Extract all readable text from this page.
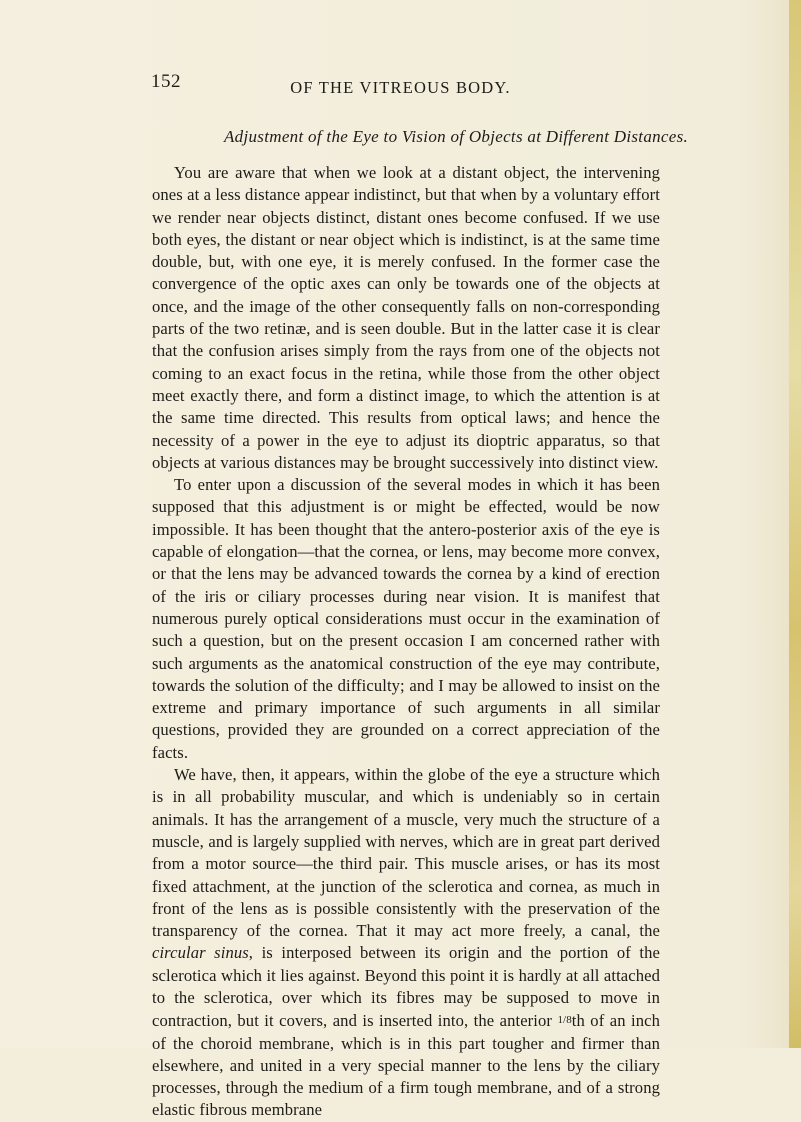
152	OF THE VITREOUS BODY.
Adjustment of the Eye to Vision of Objects at Different Distances.

You are aware that when we look at a distant object, the intervening ones at a less distance appear indistinct, but that when by a voluntary effort we render near objects distinct, distant ones become confused. If we use both eyes, the distant or near object which is indistinct, is at the same time double, but, with one eye, it is merely confused. In the former case the convergence of the optic axes can only be towards one of the objects at once, and the image of the other consequently falls on non-corresponding parts of the two retinæ, and is seen double. But in the latter case it is clear that the confusion arises simply from the rays from one of the objects not coming to an exact focus in the retina, while those from the other object meet exactly there, and form a distinct image, to which the attention is at the same time directed. This results from optical laws; and hence the necessity of a power in the eye to adjust its dioptric apparatus, so that objects at various distances may be brought successively into distinct view.

To enter upon a discussion of the several modes in which it has been supposed that this adjustment is or might be effected, would be now impossible. It has been thought that the antero-posterior axis of the eye is capable of elongation—that the cornea, or lens, may become more convex, or that the lens may be advanced towards the cornea by a kind of erection of the iris or ciliary processes during near vision. It is manifest that numerous purely optical considerations must occur in the examination of such a question, but on the present occasion I am concerned rather with such arguments as the anatomical construction of the eye may contribute, towards the solution of the difficulty; and I may be allowed to insist on the extreme and primary importance of such arguments in all similar questions, provided they are grounded on a correct appreciation of the facts.

We have, then, it appears, within the globe of the eye a structure which is in all probability muscular, and which is undeniably so in certain animals. It has the arrangement of a muscle, very much the structure of a muscle, and is largely supplied with nerves, which are in great part derived from a motor source—the third pair. This muscle arises, or has its most fixed attachment, at the junction of the sclerotica and cornea, as much in front of the lens as is possible consistently with the preservation of the transparency of the cornea. That it may act more freely, a canal, the circular sinus, is interposed between its origin and the portion of the sclerotica which it lies against. Beyond this point it is hardly at all attached to the sclerotica, over which its fibres may be supposed to move in contraction, but it covers, and is inserted into, the anterior 1/8th of an inch of the choroid membrane, which is in this part tougher and firmer than elsewhere, and united in a very special manner to the lens by the ciliary processes, through the medium of a firm tough membrane, and of a strong elastic fibrous membrane
